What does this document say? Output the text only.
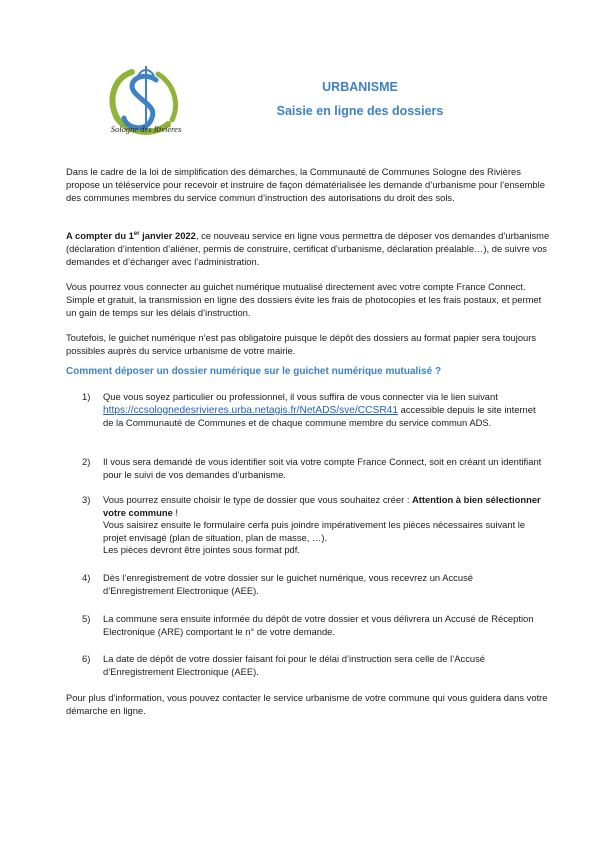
Sologne des Rivières
URBANISME
Saisie en ligne des dossiers

Dans le cadre de la loi de simplification des démarches, la Communauté de Communes Sologne des Rivières propose un téléservice pour recevoir et instruire de façon dématérialisée les demande d’urbanisme pour l’ensemble des communes membres du service commun d’instruction des autorisations du droit des sols.

A compter du 1er janvier 2022, ce nouveau service en ligne vous permettra de déposer vos demandes d’urbanisme (déclaration d’intention d’aliéner, permis de construire, certificat d’urbanisme, déclaration préalable…), de suivre vos demandes et d’échanger avec l’administration.

Vous pourrez vous connecter au guichet numérique mutualisé directement avec votre compte France Connect. Simple et gratuit, la transmission en ligne des dossiers évite les frais de photocopies et les frais postaux, et permet un gain de temps sur les délais d’instruction.

Toutefois, le guichet numérique n’est pas obligatoire puisque le dépôt des dossiers au format papier sera toujours possibles auprès du service urbanisme de votre mairie.

Comment déposer un dossier numérique sur le guichet numérique mutualisé ?
1)	Que vous soyez particulier ou professionnel, il vous suffira de vous connecter via le lien suivant https://ccsolognedesrivieres.urba.netagis.fr/NetADS/sve/CCSR41 accessible depuis le site internet de la Communauté de Communes et de chaque commune membre du service commun ADS.
2)	Il vous sera demandé de vous identifier soit via votre compte France Connect, soit en créant un identifiant pour le suivi de vos demandes d’urbanisme.
3)	Vous pourrez ensuite choisir le type de dossier que vous souhaitez créer : Attention à bien sélectionner votre commune !
Vous saisirez ensuite le formulaire cerfa puis joindre impérativement les pièces nécessaires suivant le projet envisagé (plan de situation, plan de masse, …).
Les pièces devront être jointes sous format pdf.
4)	Dès l’enregistrement de votre dossier sur le guichet numérique, vous recevrez un Accusé d’Enregistrement Electronique (AEE).
5)	La commune sera ensuite informée du dépôt de votre dossier et vous délivrera un Accusé de Réception Electronique (ARE) comportant le n° de votre demande.
6)	La date de dépôt de votre dossier faisant foi pour le délai d’instruction sera celle de l’Accusé d’Enregistrement Electronique (AEE).

Pour plus d’information, vous pouvez contacter le service urbanisme de votre commune qui vous guidera dans votre démarche en ligne.
